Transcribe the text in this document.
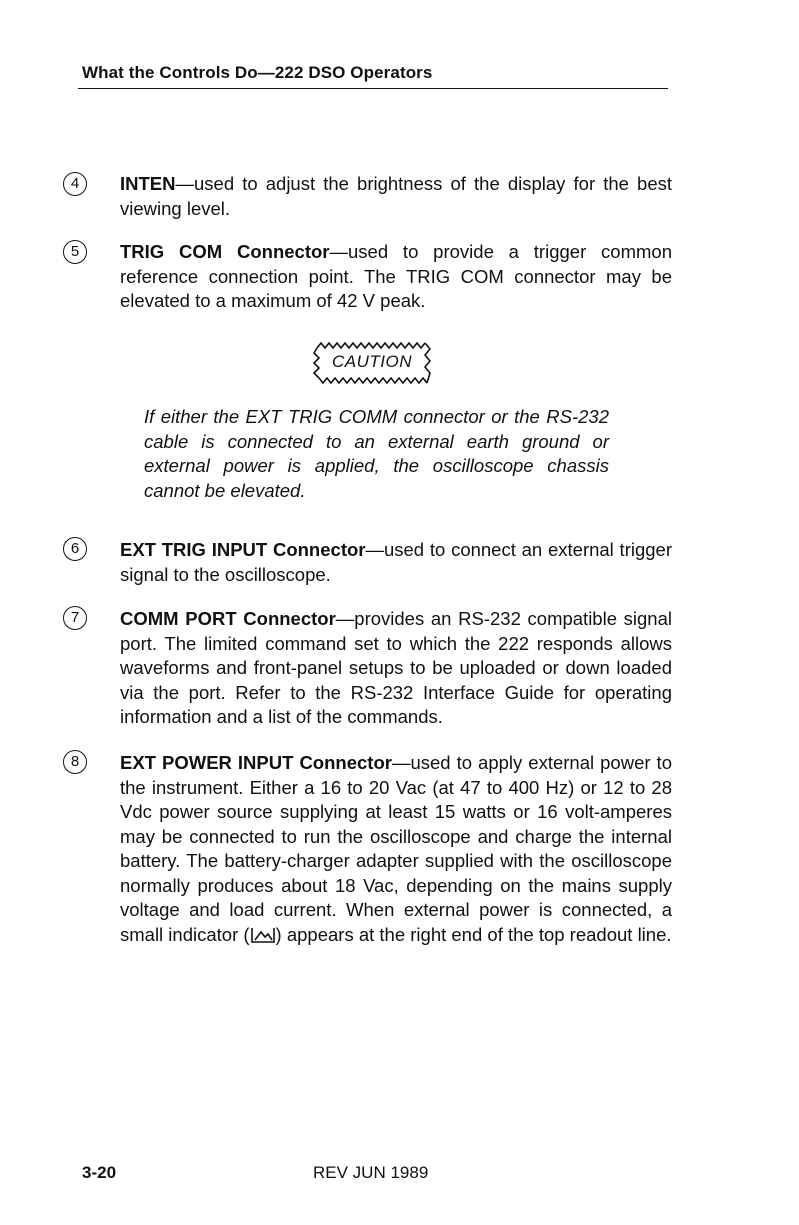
What the Controls Do—222 DSO Operators
4	INTEN—used to adjust the brightness of the display for the best viewing level.
5	TRIG COM Connector—used to provide a trigger common reference connection point. The TRIG COM connector may be elevated to a maximum of 42 V peak.
CAUTION
If either the EXT TRIG COMM connector or the RS-232 cable is connected to an external earth ground or external power is applied, the oscilloscope chassis cannot be elevated.
6	EXT TRIG INPUT Connector—used to connect an external trigger signal to the oscilloscope.
7	COMM PORT Connector—provides an RS-232 compatible signal port. The limited command set to which the 222 responds allows waveforms and front-panel setups to be uploaded or down loaded via the port. Refer to the RS-232 Interface Guide for operating information and a list of the commands.
8	EXT POWER INPUT Connector—used to apply external power to the instrument. Either a 16 to 20 Vac (at 47 to 400 Hz) or 12 to 28 Vdc power source supplying at least 15 watts or 16 volt-amperes may be connected to run the oscilloscope and charge the internal battery. The battery-charger adapter supplied with the oscilloscope normally produces about 18 Vac, depending on the mains supply voltage and load current. When external power is connected, a small indicator ( ) appears at the right end of the top readout line.
3-20	REV JUN 1989
